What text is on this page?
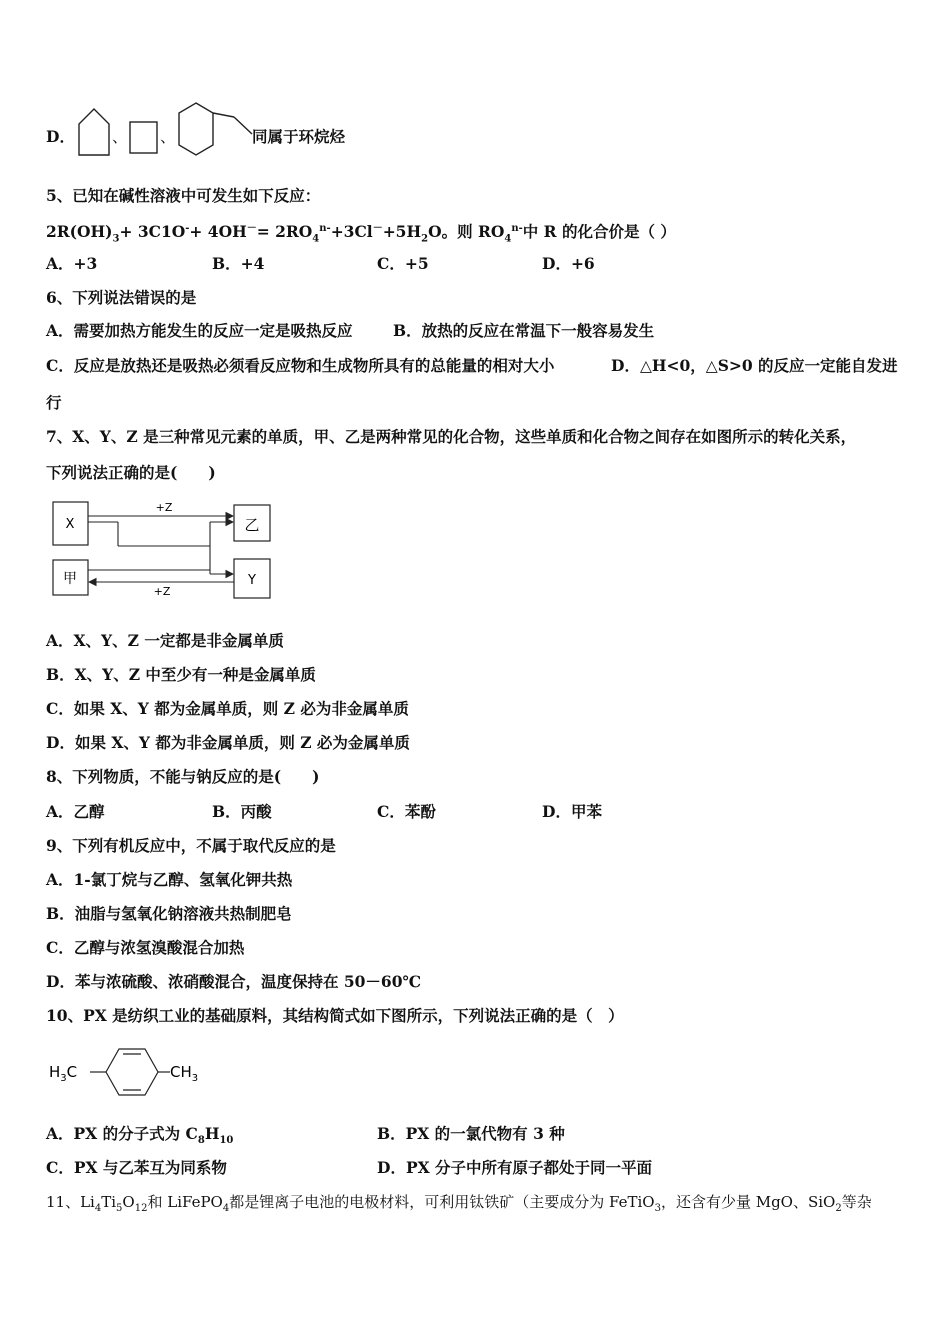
D． 、 、	同属于环烷烃
5、已知在碱性溶液中可发生如下反应：
$2R(OH)_3+ 3C1O^-+ 4OH^-= 2RO_4^{n-}+3Cl^-+5H_2O$。则 $RO_4^{n-}$中 R 的化合价是（ ）
A．+3	B．+4	C．+5	D．+6
6、下列说法错误的是
A．需要加热方能发生的反应一定是吸热反应	B．放热的反应在常温下一般容易发生
C．反应是放热还是吸热必须看反应物和生成物所具有的总能量的相对大小	D．△H<0，△S>0 的反应一定能自发进
行
7、X、Y、Z 是三种常见元素的单质，甲、乙是两种常见的化合物，这些单质和化合物之间存在如图所示的转化关系，
下列说法正确的是(　　)
X
甲
乙
Y
+Z
+Z
A．X、Y、Z 一定都是非金属单质
B．X、Y、Z 中至少有一种是金属单质
C．如果 X、Y 都为金属单质，则 Z 必为非金属单质
D．如果 X、Y 都为非金属单质，则 Z 必为金属单质
8、下列物质，不能与钠反应的是(　　)
A．乙醇	B．丙酸	C．苯酚	D．甲苯
9、下列有机反应中，不属于取代反应的是
A．1-氯丁烷与乙醇、氢氧化钾共热
B．油脂与氢氧化钠溶液共热制肥皂
C．乙醇与浓氢溴酸混合加热
D．苯与浓硫酸、浓硝酸混合，温度保持在 50－60℃
10、PX 是纺织工业的基础原料，其结构简式如下图所示，下列说法正确的是（　）
$H_3C$	$CH_3$
A．PX 的分子式为 $C_8H_{10}$	B．PX 的一氯代物有 3 种
C．PX 与乙苯互为同系物	D．PX 分子中所有原子都处于同一平面
11、$Li_4Ti_5O_{12}$和 LiFePO$_4$都是锂离子电池的电极材料，可利用钛铁矿（主要成分为 FeTiO$_3$，还含有少量 MgO、SiO$_2$等杂
